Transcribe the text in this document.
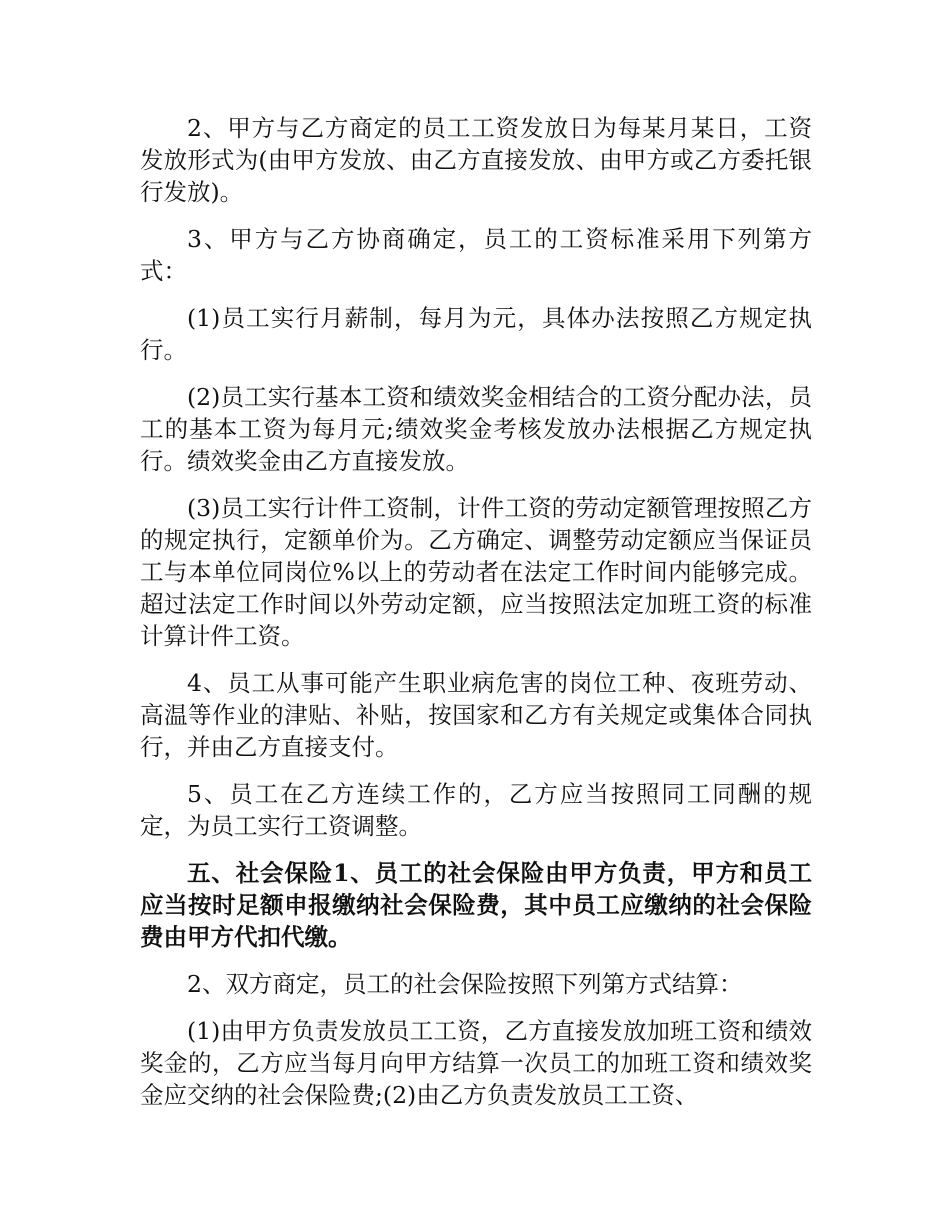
2、甲方与乙方商定的员工工资发放日为每某月某日，工资发放形式为(由甲方发放、由乙方直接发放、由甲方或乙方委托银行发放)。

3、甲方与乙方协商确定，员工的工资标准采用下列第方式：

(1)员工实行月薪制，每月为元，具体办法按照乙方规定执行。

(2)员工实行基本工资和绩效奖金相结合的工资分配办法，员工的基本工资为每月元;绩效奖金考核发放办法根据乙方规定执行。绩效奖金由乙方直接发放。

(3)员工实行计件工资制，计件工资的劳动定额管理按照乙方的规定执行，定额单价为。乙方确定、调整劳动定额应当保证员工与本单位同岗位%以上的劳动者在法定工作时间内能够完成。超过法定工作时间以外劳动定额，应当按照法定加班工资的标准计算计件工资。

4、员工从事可能产生职业病危害的岗位工种、夜班劳动、高温等作业的津贴、补贴，按国家和乙方有关规定或集体合同执行，并由乙方直接支付。

5、员工在乙方连续工作的，乙方应当按照同工同酬的规定，为员工实行工资调整。

五、社会保险1、员工的社会保险由甲方负责，甲方和员工应当按时足额申报缴纳社会保险费，其中员工应缴纳的社会保险费由甲方代扣代缴。

2、双方商定，员工的社会保险按照下列第方式结算：

(1)由甲方负责发放员工工资，乙方直接发放加班工资和绩效奖金的，乙方应当每月向甲方结算一次员工的加班工资和绩效奖金应交纳的社会保险费;(2)由乙方负责发放员工工资、
